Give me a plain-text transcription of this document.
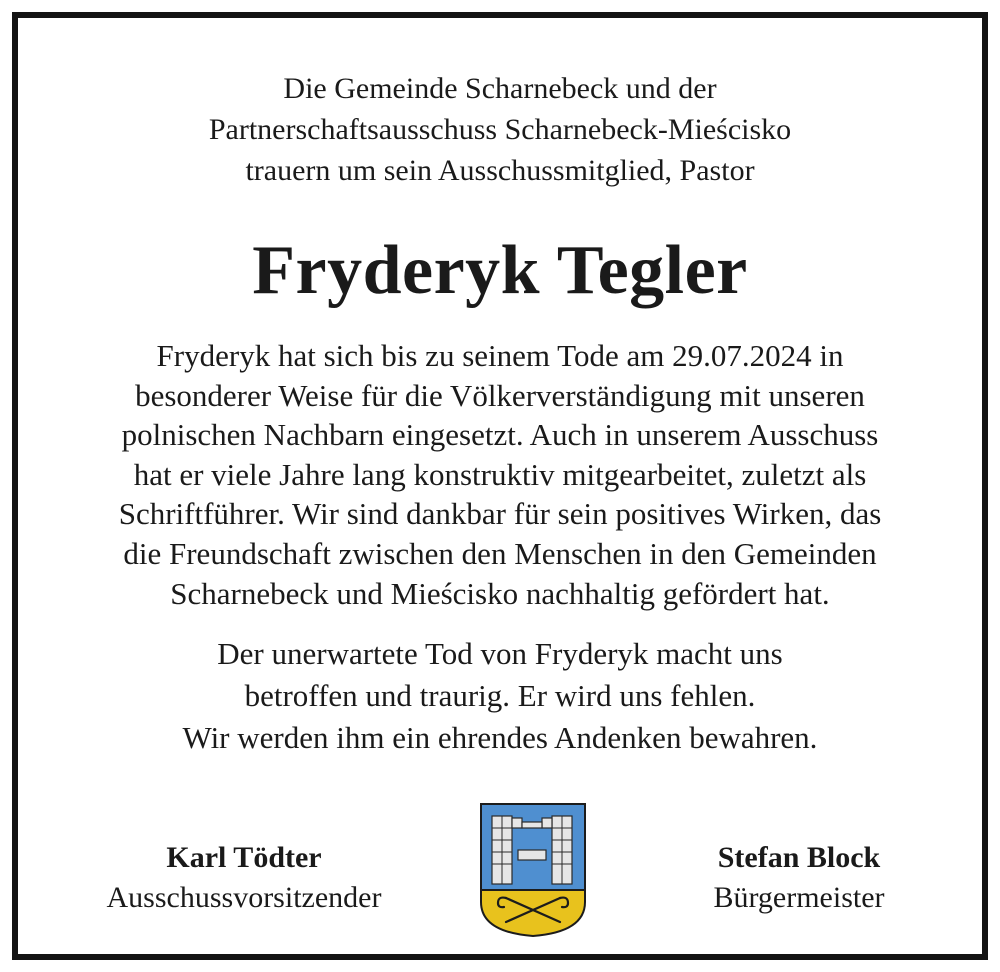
Die Gemeinde Scharnebeck und der
Partnerschaftsausschuss Scharnebeck-Mieścisko
trauern um sein Ausschussmitglied, Pastor
Fryderyk Tegler
Fryderyk hat sich bis zu seinem Tode am 29.07.2024 in
besonderer Weise für die Völkerverständigung mit unseren
polnischen Nachbarn eingesetzt. Auch in unserem Ausschuss
hat er viele Jahre lang konstruktiv mitgearbeitet, zuletzt als
Schriftführer. Wir sind dankbar für sein positives Wirken, das
die Freundschaft zwischen den Menschen in den Gemeinden
Scharnebeck und Mieścisko nachhaltig gefördert hat.
Der unerwartete Tod von Fryderyk macht uns
betroffen und traurig. Er wird uns fehlen.
Wir werden ihm ein ehrendes Andenken bewahren.
Karl Tödter
Ausschussvorsitzender
Stefan Block
Bürgermeister
